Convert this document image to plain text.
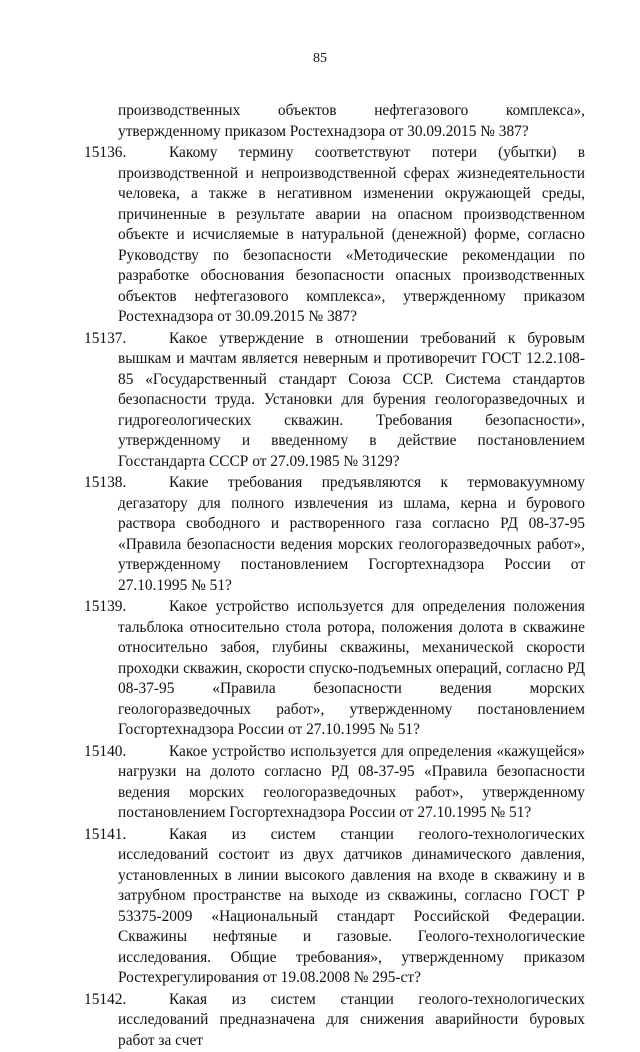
85

производственных объектов нефтегазового комплекса», утвержденному приказом Ростехнадзора от 30.09.2015 № 387?

15136.	Какому термину соответствуют потери (убытки) в производственной и непроизводственной сферах жизнедеятельности человека, а также в негативном изменении окружающей среды, причиненные в результате аварии на опасном производственном объекте и исчисляемые в натуральной (денежной) форме, согласно Руководству по безопасности «Методические рекомендации по разработке обоснования безопасности опасных производственных объектов нефтегазового комплекса», утвержденному приказом Ростехнадзора от 30.09.2015 № 387?
15137.	Какое утверждение в отношении требований к буровым вышкам и мачтам является неверным и противоречит ГОСТ 12.2.108-85 «Государственный стандарт Союза ССР. Система стандартов безопасности труда. Установки для бурения геологоразведочных и гидрогеологических скважин. Требования безопасности», утвержденному и введенному в действие постановлением Госстандарта СССР от 27.09.1985 № 3129?
15138.	Какие требования предъявляются к термовакуумному дегазатору для полного извлечения из шлама, керна и бурового раствора свободного и растворенного газа согласно РД 08-37-95 «Правила безопасности ведения морских геологоразведочных работ», утвержденному постановлением Госгортехнадзора России от 27.10.1995 № 51?
15139.	Какое устройство используется для определения положения тальблока относительно стола ротора, положения долота в скважине относительно забоя, глубины скважины, механической скорости проходки скважин, скорости спуско-подъемных операций, согласно РД 08-37-95 «Правила безопасности ведения морских геологоразведочных работ», утвержденному постановлением Госгортехнадзора России от 27.10.1995 № 51?
15140.	Какое устройство используется для определения «кажущейся» нагрузки на долото согласно РД 08-37-95 «Правила безопасности ведения морских геологоразведочных работ», утвержденному постановлением Госгортехнадзора России от 27.10.1995 № 51?
15141.	Какая из систем станции геолого-технологических исследований состоит из двух датчиков динамического давления, установленных в линии высокого давления на входе в скважину и в затрубном пространстве на выходе из скважины, согласно ГОСТ Р 53375-2009 «Национальный стандарт Российской Федерации. Скважины нефтяные и газовые. Геолого-технологические исследования. Общие требования», утвержденному приказом Ростехрегулирования от 19.08.2008 № 295-ст?
15142.	Какая из систем станции геолого-технологических исследований предназначена для снижения аварийности буровых работ за счет
